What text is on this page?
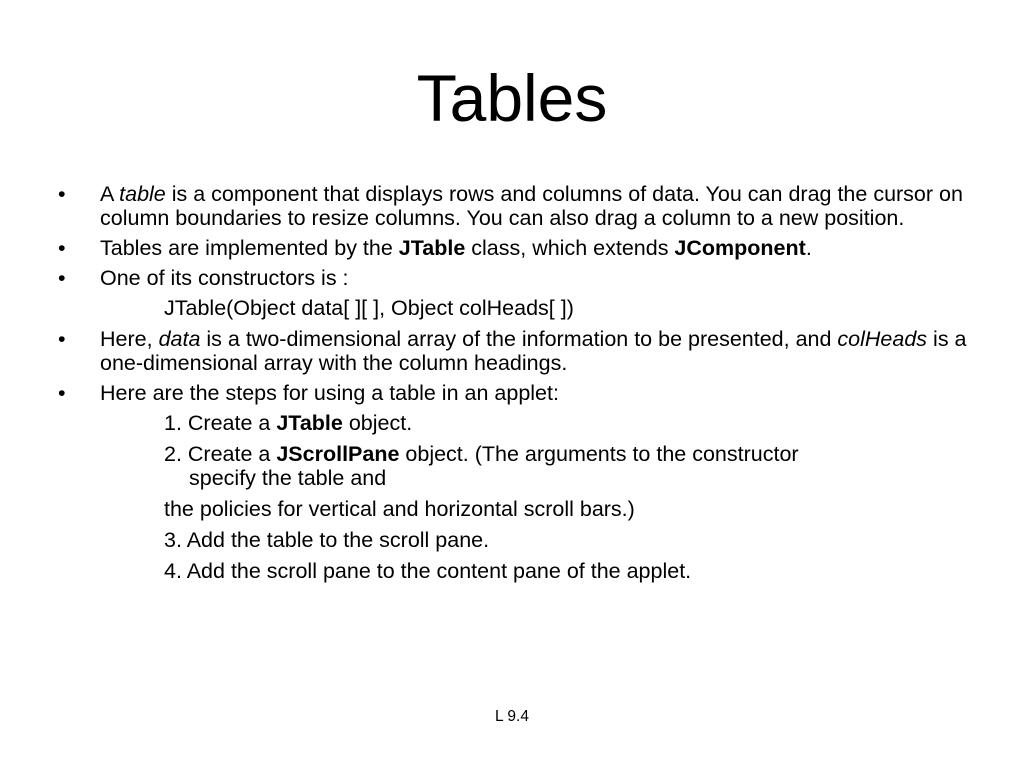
Tables
• A table is a component that displays rows and columns of data. You can drag the cursor on column boundaries to resize columns. You can also drag a column to a new position.
• Tables are implemented by the JTable class, which extends JComponent.
• One of its constructors is :
JTable(Object data[ ][ ], Object colHeads[ ])
• Here, data is a two-dimensional array of the information to be presented, and colHeads is a one-dimensional array with the column headings.
• Here are the steps for using a table in an applet:
1. Create a JTable object.
2. Create a JScrollPane object. (The arguments to the constructor
specify the table and
the policies for vertical and horizontal scroll bars.)
3. Add the table to the scroll pane.
4. Add the scroll pane to the content pane of the applet.
L 9.4
